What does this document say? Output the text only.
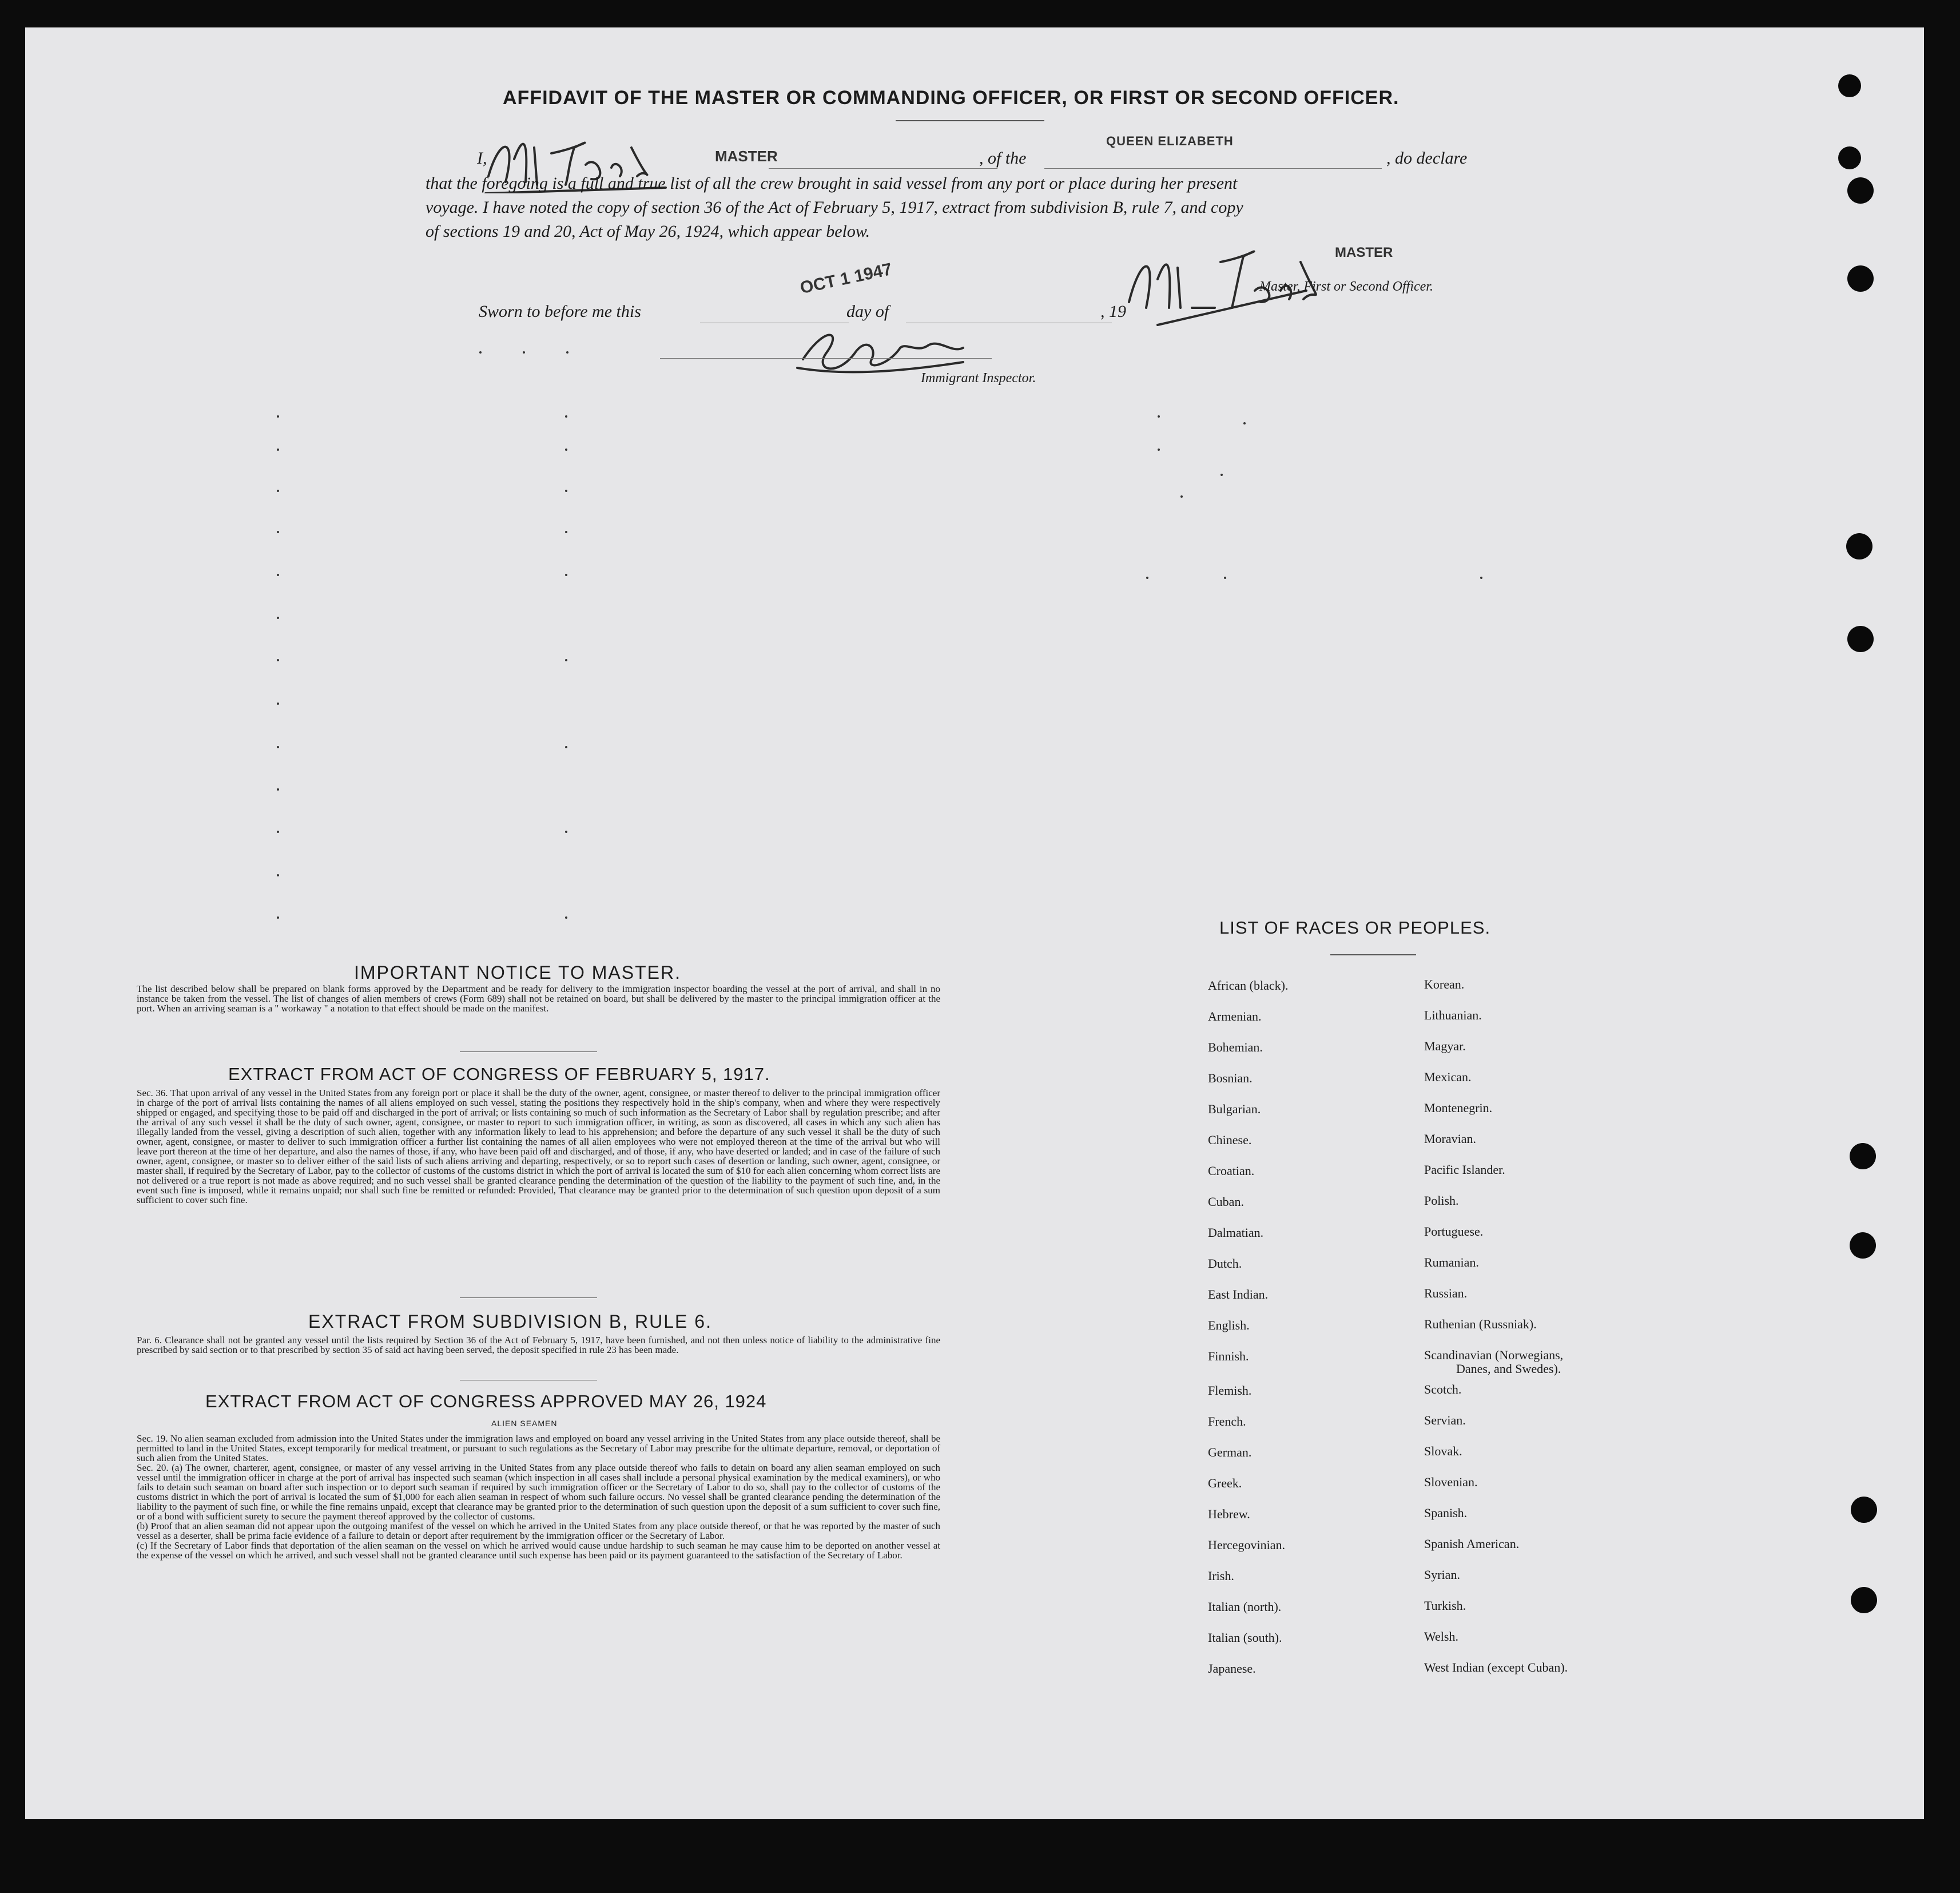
AFFIDAVIT OF THE MASTER OR COMMANDING OFFICER, OR FIRST OR SECOND OFFICER.
I,	MASTER	, of the
QUEEN ELIZABETH
, do declare
that the foregoing is a full and true list of all the crew brought in said vessel from any port or place during her present
voyage. I have noted the copy of section 36 of the Act of February 5, 1917, extract from subdivision B, rule 7, and copy
of sections 19 and 20, Act of May 26, 1924, which appear below.
MASTER
Master, First or Second Officer.
Sworn to before me this
OCT 1 1947
day of	, 19
Immigrant Inspector.
IMPORTANT NOTICE TO MASTER.

The list described below shall be prepared on blank forms approved by the Department and be ready for delivery to the immigration inspector boarding the vessel at the port of arrival, and shall in no instance be taken from the vessel. The list of changes of alien members of crews (Form 689) shall not be retained on board, but shall be delivered by the master to the principal immigration officer at the port. When an arriving seaman is a " workaway " a notation to that effect should be made on the manifest.

EXTRACT FROM ACT OF CONGRESS OF FEBRUARY 5, 1917.

Sec. 36. That upon arrival of any vessel in the United States from any foreign port or place it shall be the duty of the owner, agent, consignee, or master thereof to deliver to the principal immigration officer in charge of the port of arrival lists containing the names of all aliens employed on such vessel, stating the positions they respectively hold in the ship's company, when and where they were respectively shipped or engaged, and specifying those to be paid off and discharged in the port of arrival; or lists containing so much of such information as the Secretary of Labor shall by regulation prescribe; and after the arrival of any such vessel it shall be the duty of such owner, agent, consignee, or master to report to such immigration officer, in writing, as soon as discovered, all cases in which any such alien has illegally landed from the vessel, giving a description of such alien, together with any information likely to lead to his apprehension; and before the departure of any such vessel it shall be the duty of such owner, agent, consignee, or master to deliver to such immigration officer a further list containing the names of all alien employees who were not employed thereon at the time of the arrival but who will leave port thereon at the time of her departure, and also the names of those, if any, who have been paid off and discharged, and of those, if any, who have deserted or landed; and in case of the failure of such owner, agent, consignee, or master so to deliver either of the said lists of such aliens arriving and departing, respectively, or so to report such cases of desertion or landing, such owner, agent, consignee, or master shall, if required by the Secretary of Labor, pay to the collector of customs of the customs district in which the port of arrival is located the sum of $10 for each alien concerning whom correct lists are not delivered or a true report is not made as above required; and no such vessel shall be granted clearance pending the determination of the question of the liability to the payment of such fine, and, in the event such fine is imposed, while it remains unpaid; nor shall such fine be remitted or refunded: Provided, That clearance may be granted prior to the determination of such question upon deposit of a sum sufficient to cover such fine.

EXTRACT FROM SUBDIVISION B, RULE 6.

Par. 6. Clearance shall not be granted any vessel until the lists required by Section 36 of the Act of February 5, 1917, have been furnished, and not then unless notice of liability to the administrative fine prescribed by said section or to that prescribed by section 35 of said act having been served, the deposit specified in rule 23 has been made.

EXTRACT FROM ACT OF CONGRESS APPROVED MAY 26, 1924
ALIEN SEAMEN

Sec. 19. No alien seaman excluded from admission into the United States under the immigration laws and employed on board any vessel arriving in the United States from any place outside thereof, shall be permitted to land in the United States, except temporarily for medical treatment, or pursuant to such regulations as the Secretary of Labor may prescribe for the ultimate departure, removal, or deportation of such alien from the United States.

Sec. 20. (a) The owner, charterer, agent, consignee, or master of any vessel arriving in the United States from any place outside thereof who fails to detain on board any alien seaman employed on such vessel until the immigration officer in charge at the port of arrival has inspected such seaman (which inspection in all cases shall include a personal physical examination by the medical examiners), or who fails to detain such seaman on board after such inspection or to deport such seaman if required by such immigration officer or the Secretary of Labor to do so, shall pay to the collector of customs of the customs district in which the port of arrival is located the sum of $1,000 for each alien seaman in respect of whom such failure occurs. No vessel shall be granted clearance pending the determination of the liability to the payment of such fine, or while the fine remains unpaid, except that clearance may be granted prior to the determination of such question upon the deposit of a sum sufficient to cover such fine, or of a bond with sufficient surety to secure the payment thereof approved by the collector of customs.

(b) Proof that an alien seaman did not appear upon the outgoing manifest of the vessel on which he arrived in the United States from any place outside thereof, or that he was reported by the master of such vessel as a deserter, shall be prima facie evidence of a failure to detain or deport after requirement by the immigration officer or the Secretary of Labor.

(c) If the Secretary of Labor finds that deportation of the alien seaman on the vessel on which he arrived would cause undue hardship to such seaman he may cause him to be deported on another vessel at the expense of the vessel on which he arrived, and such vessel shall not be granted clearance until such expense has been paid or its payment guaranteed to the satisfaction of the Secretary of Labor.

LIST OF RACES OR PEOPLES.
African (black).
Armenian.
Bohemian.
Bosnian.
Bulgarian.
Chinese.
Croatian.
Cuban.
Dalmatian.
Dutch.
East Indian.
English.
Finnish.
Flemish.
French.
German.
Greek.
Hebrew.
Hercegovinian.
Irish.
Italian (north).
Italian (south).
Japanese.
Korean.
Lithuanian.
Magyar.
Mexican.
Montenegrin.
Moravian.
Pacific Islander.
Polish.
Portuguese.
Rumanian.
Russian.
Ruthenian (Russniak).
Scandinavian (Norwegians,
Danes, and Swedes).
Scotch.
Servian.
Slovak.
Slovenian.
Spanish.
Spanish American.
Syrian.
Turkish.
Welsh.
West Indian (except Cuban).
